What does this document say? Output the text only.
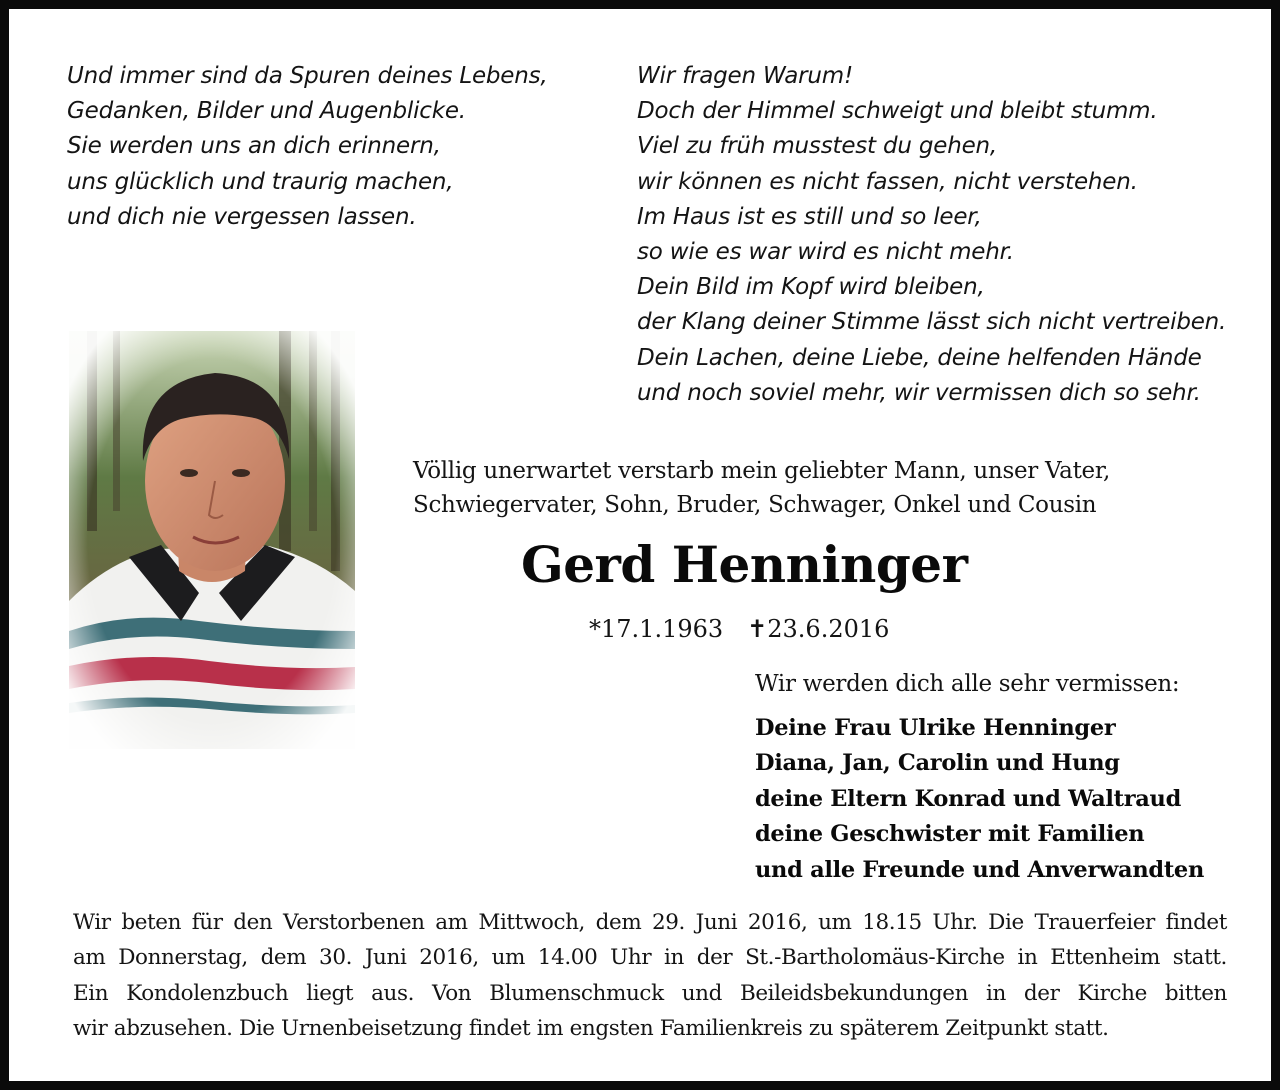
Und immer sind da Spuren deines Lebens,
Gedanken, Bilder und Augenblicke.
Sie werden uns an dich erinnern,
uns glücklich und traurig machen,
und dich nie vergessen lassen.
Wir fragen Warum!
Doch der Himmel schweigt und bleibt stumm.
Viel zu früh musstest du gehen,
wir können es nicht fassen, nicht verstehen.
Im Haus ist es still und so leer,
so wie es war wird es nicht mehr.
Dein Bild im Kopf wird bleiben,
der Klang deiner Stimme lässt sich nicht vertreiben.
Dein Lachen, deine Liebe, deine helfenden Hände
und noch soviel mehr, wir vermissen dich so sehr.
Völlig unerwartet verstarb mein geliebter Mann, unser Vater,
Schwiegervater, Sohn, Bruder, Schwager, Onkel und Cousin
Gerd Henninger
*17.1.1963 ✝23.6.2016
Wir werden dich alle sehr vermissen:
Deine Frau Ulrike Henninger
Diana, Jan, Carolin und Hung
deine Eltern Konrad und Waltraud
deine Geschwister mit Familien
und alle Freunde und Anverwandten
Wir beten für den Verstorbenen am Mittwoch, dem 29. Juni 2016, um 18.15 Uhr. Die Trauerfeier findet
am Donnerstag, dem 30. Juni 2016, um 14.00 Uhr in der St.-Bartholomäus-Kirche in Ettenheim statt.
Ein Kondolenzbuch liegt aus. Von Blumenschmuck und Beileidsbekundungen in der Kirche bitten
wir abzusehen. Die Urnenbeisetzung findet im engsten Familienkreis zu späterem Zeitpunkt statt.
